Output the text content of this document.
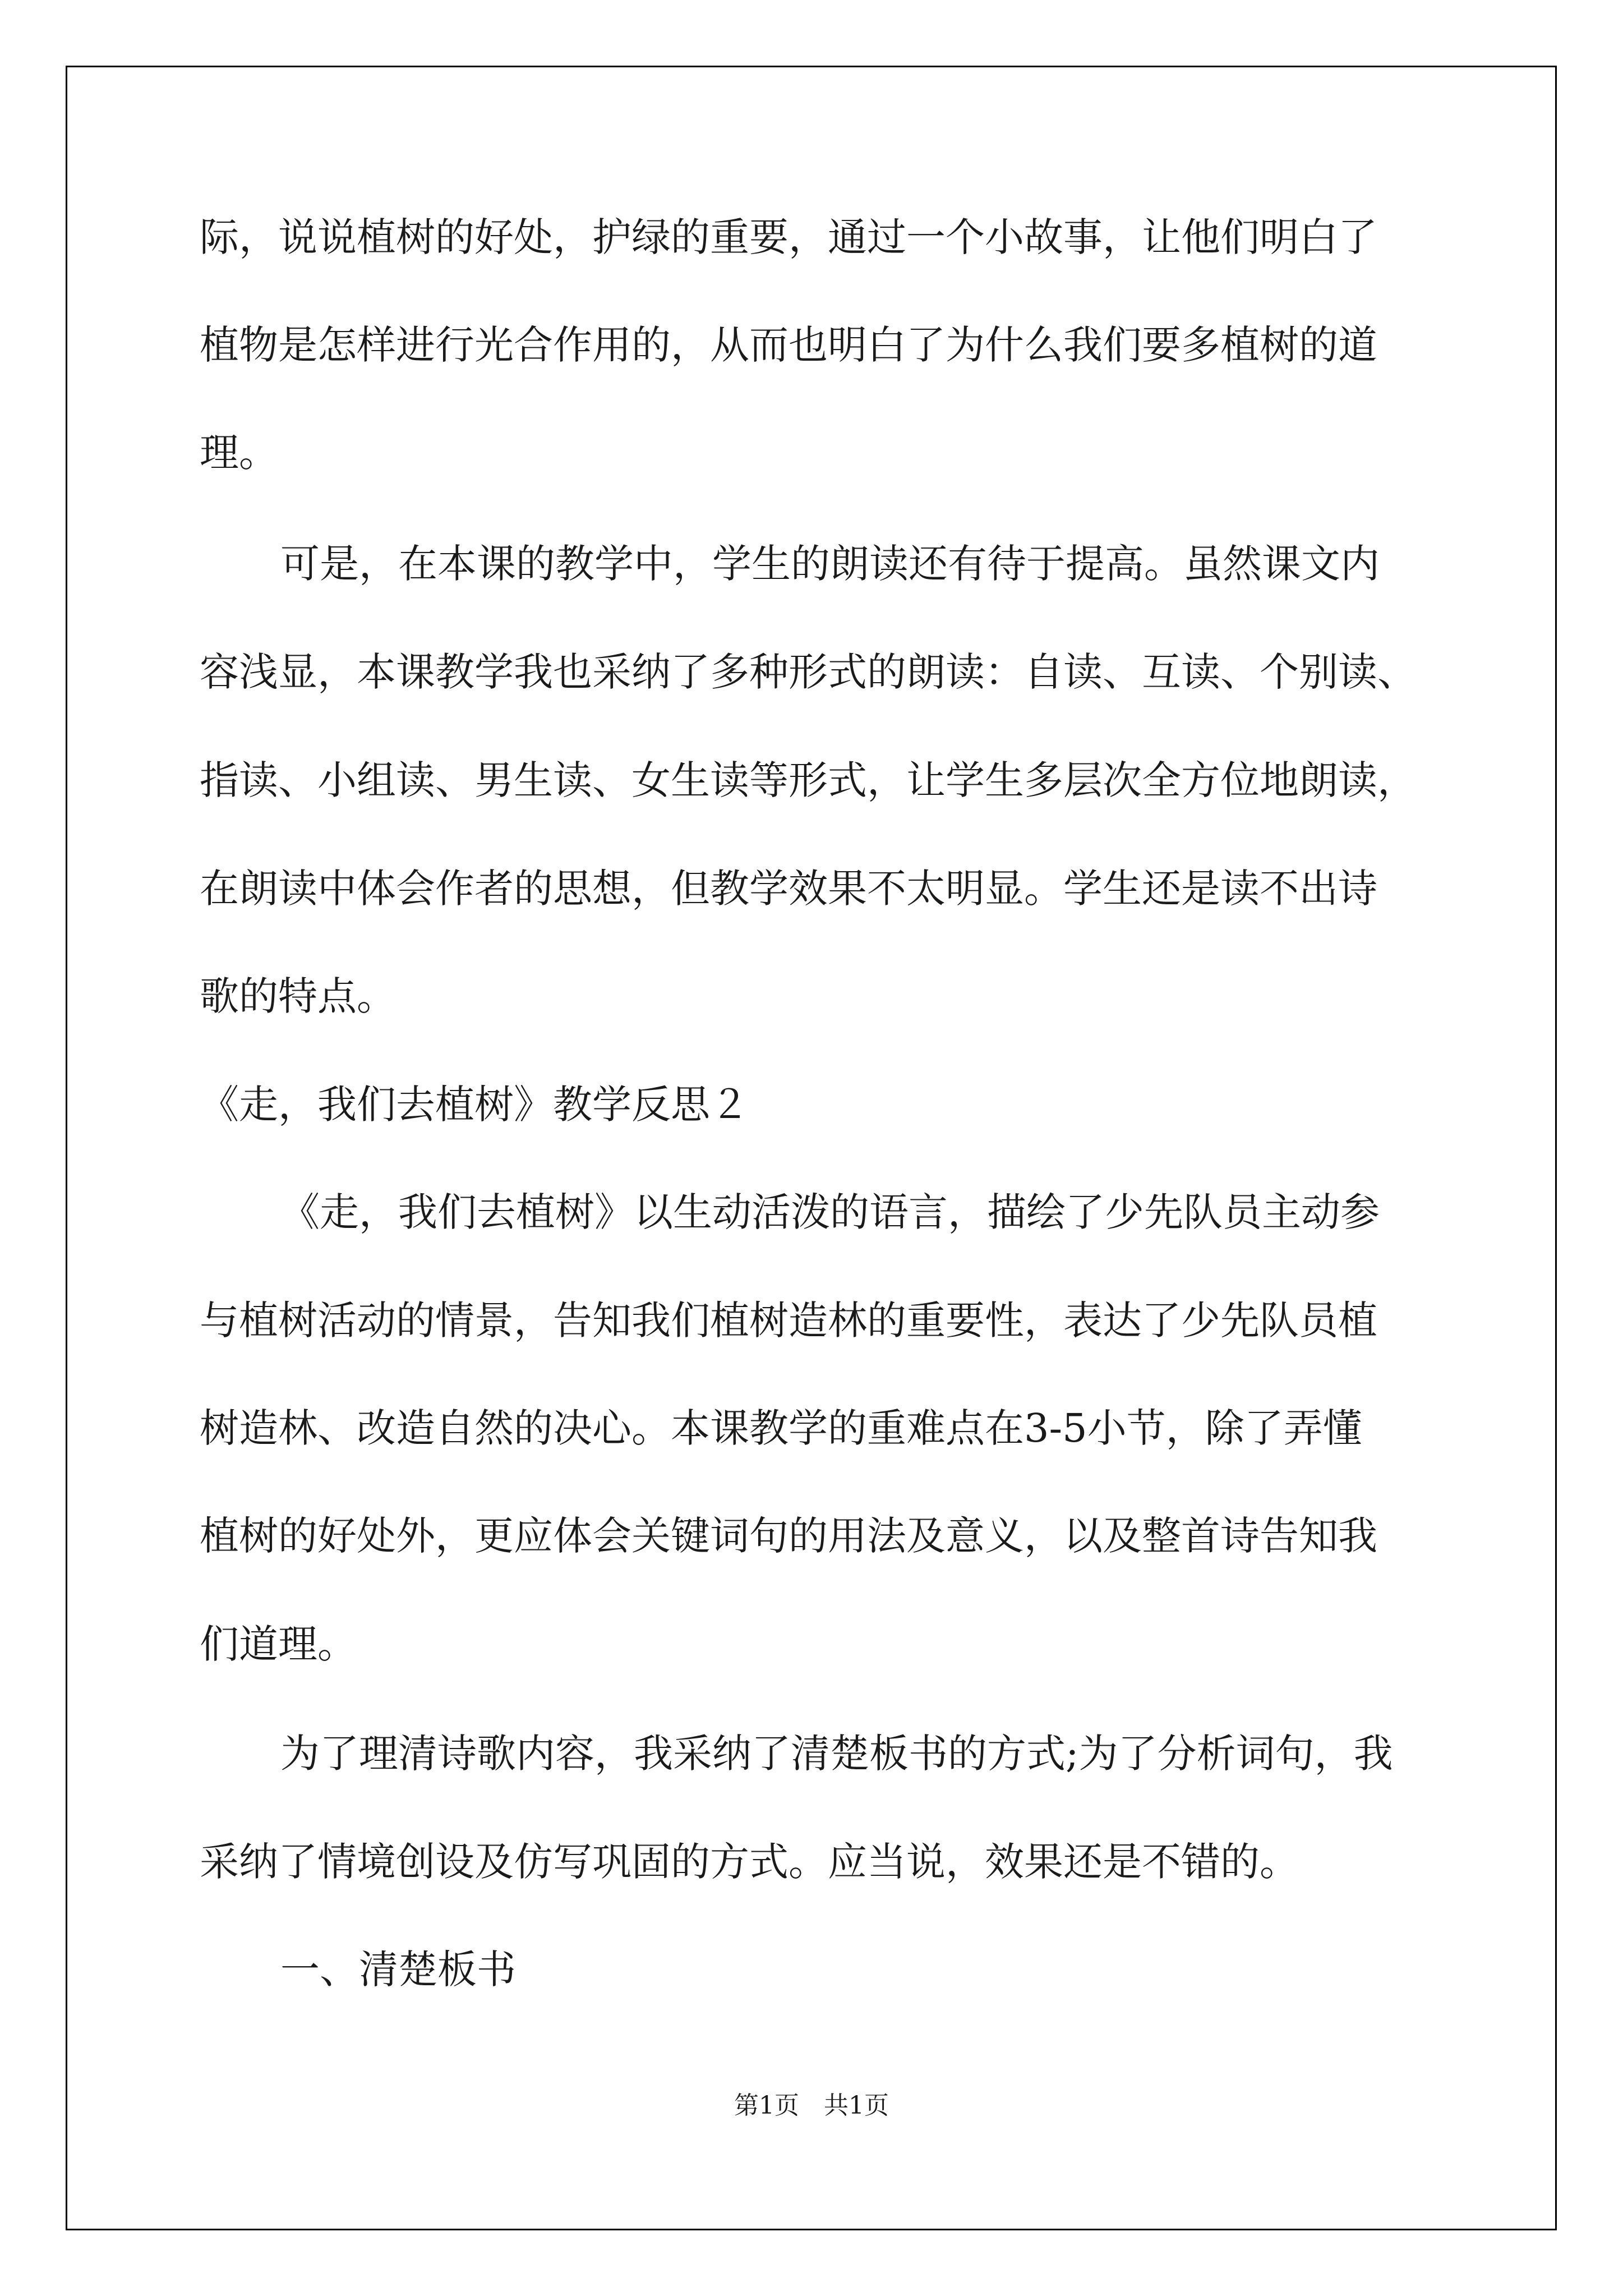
际，说说植树的好处，护绿的重要，通过一个小故事，让他们明白了

植物是怎样进行光合作用的，从而也明白了为什么我们要多植树的道

理。

可是，在本课的教学中，学生的朗读还有待于提高。虽然课文内

容浅显，本课教学我也采纳了多种形式的朗读：自读、互读、个别读、

指读、小组读、男生读、女生读等形式，让学生多层次全方位地朗读，

在朗读中体会作者的思想，但教学效果不太明显。学生还是读不出诗

歌的特点。

《走，我们去植树》教学反思２

《走，我们去植树》以生动活泼的语言，描绘了少先队员主动参

与植树活动的情景，告知我们植树造林的重要性，表达了少先队员植

树造林、改造自然的决心。本课教学的重难点在3-5小节，除了弄懂

植树的好处外，更应体会关键词句的用法及意义，以及整首诗告知我

们道理。

为了理清诗歌内容，我采纳了清楚板书的方式;为了分析词句，我

采纳了情境创设及仿写巩固的方式。应当说，效果还是不错的。

一、清楚板书

第1页　共1页
